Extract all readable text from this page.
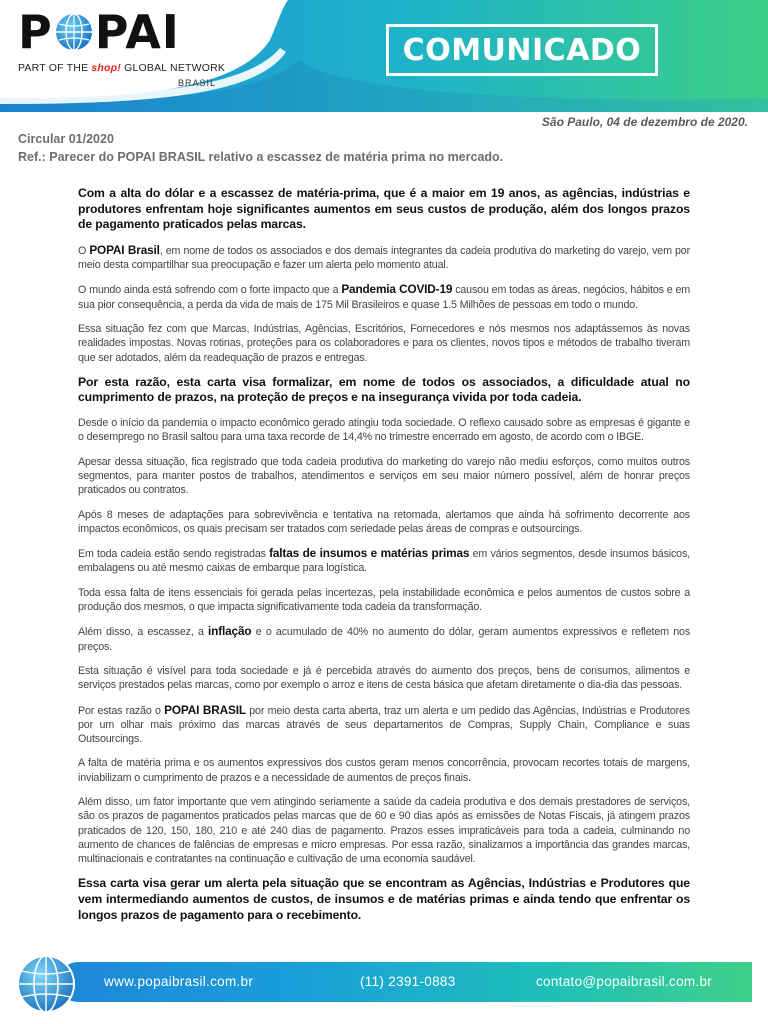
P PAI
PART OF THE shop! GLOBAL NETWORK
BRASIL
COMUNICADO
São Paulo, 04 de dezembro de 2020.
Circular 01/2020
Ref.: Parecer do POPAI BRASIL relativo a escassez de matéria prima no mercado.

Com a alta do dólar e a escassez de matéria-prima, que é a maior em 19 anos, as agências, indústrias e produtores enfrentam hoje significantes aumentos em seus custos de produção, além dos longos prazos de pagamento praticados pelas marcas.

O POPAI Brasil, em nome de todos os associados e dos demais integrantes da cadeia produtiva do marketing do varejo, vem por meio desta compartilhar sua preocupação e fazer um alerta pelo momento atual.

O mundo ainda está sofrendo com o forte impacto que a Pandemia COVID-19 causou em todas as áreas, negócios, hábitos e em sua pior consequência, a perda da vida de mais de 175 Mil Brasileiros e quase 1.5 Milhões de pessoas em todo o mundo.

Essa situação fez com que Marcas, Indústrias, Agências, Escritórios, Fornecedores e nós mesmos nos adaptássemos às novas realidades impostas. Novas rotinas, proteções para os colaboradores e para os clientes, novos tipos e métodos de trabalho tiveram que ser adotados, além da readequação de prazos e entregas.

Por esta razão, esta carta visa formalizar, em nome de todos os associados, a dificuldade atual no cumprimento de prazos, na proteção de preços e na insegurança vivida por toda cadeia.

Desde o início da pandemia o impacto econômico gerado atingiu toda sociedade. O reflexo causado sobre as empresas é gigante e o desemprego no Brasil saltou para uma taxa recorde de 14,4% no trimestre encerrado em agosto, de acordo com o IBGE.

Apesar dessa situação, fica registrado que toda cadeia produtiva do marketing do varejo não mediu esforços, como muitos outros segmentos, para manter postos de trabalhos, atendimentos e serviços em seu maior número possível, além de honrar preços praticados ou contratos.

Após 8 meses de adaptações para sobrevivência e tentativa na retomada, alertamos que ainda há sofrimento decorrente aos impactos econômicos, os quais precisam ser tratados com seriedade pelas áreas de compras e outsourcings.

Em toda cadeia estão sendo registradas faltas de insumos e matérias primas em vários segmentos, desde insumos básicos, embalagens ou até mesmo caixas de embarque para logística.

Toda essa falta de itens essenciais foi gerada pelas incertezas, pela instabilidade econômica e pelos aumentos de custos sobre a produção dos mesmos, o que impacta significativamente toda cadeia da transformação.

Além disso, a escassez, a inflação e o acumulado de 40% no aumento do dólar, geram aumentos expressivos e refletem nos preços.

Esta situação é visível para toda sociedade e já é percebida através do aumento dos preços, bens de consumos, alimentos e serviços prestados pelas marcas, como por exemplo o arroz e itens de cesta básica que afetam diretamente o dia-dia das pessoas.

Por estas razão o POPAI BRASIL por meio desta carta aberta, traz um alerta e um pedido das Agências, Indústrias e Produtores por um olhar mais próximo das marcas através de seus departamentos de Compras, Supply Chain, Compliance e suas Outsourcings.

A falta de matéria prima e os aumentos expressivos dos custos geram menos concorrência, provocam recortes totais de margens, inviabilizam o cumprimento de prazos e a necessidade de aumentos de preços finais.

Além disso, um fator importante que vem atingindo seriamente a saúde da cadeia produtiva e dos demais prestadores de serviços, são os prazos de pagamentos praticados pelas marcas que de 60 e 90 dias após as emissões de Notas Fiscais, já atingem prazos praticados de 120, 150, 180, 210 e até 240 dias de pagamento. Prazos esses impraticáveis para toda a cadeia, culminando no aumento de chances de falências de empresas e micro empresas. Por essa razão, sinalizamos a importância das grandes marcas, multinacionais e contratantes na continuação e cultivação de uma economia saudável.

Essa carta visa gerar um alerta pela situação que se encontram as Agências, Indústrias e Produtores que vem intermediando aumentos de custos, de insumos e de matérias primas e ainda tendo que enfrentar os longos prazos de pagamento para o recebimento.

www.popaibrasil.com.br	(11) 2391-0883	contato@popaibrasil.com.br
